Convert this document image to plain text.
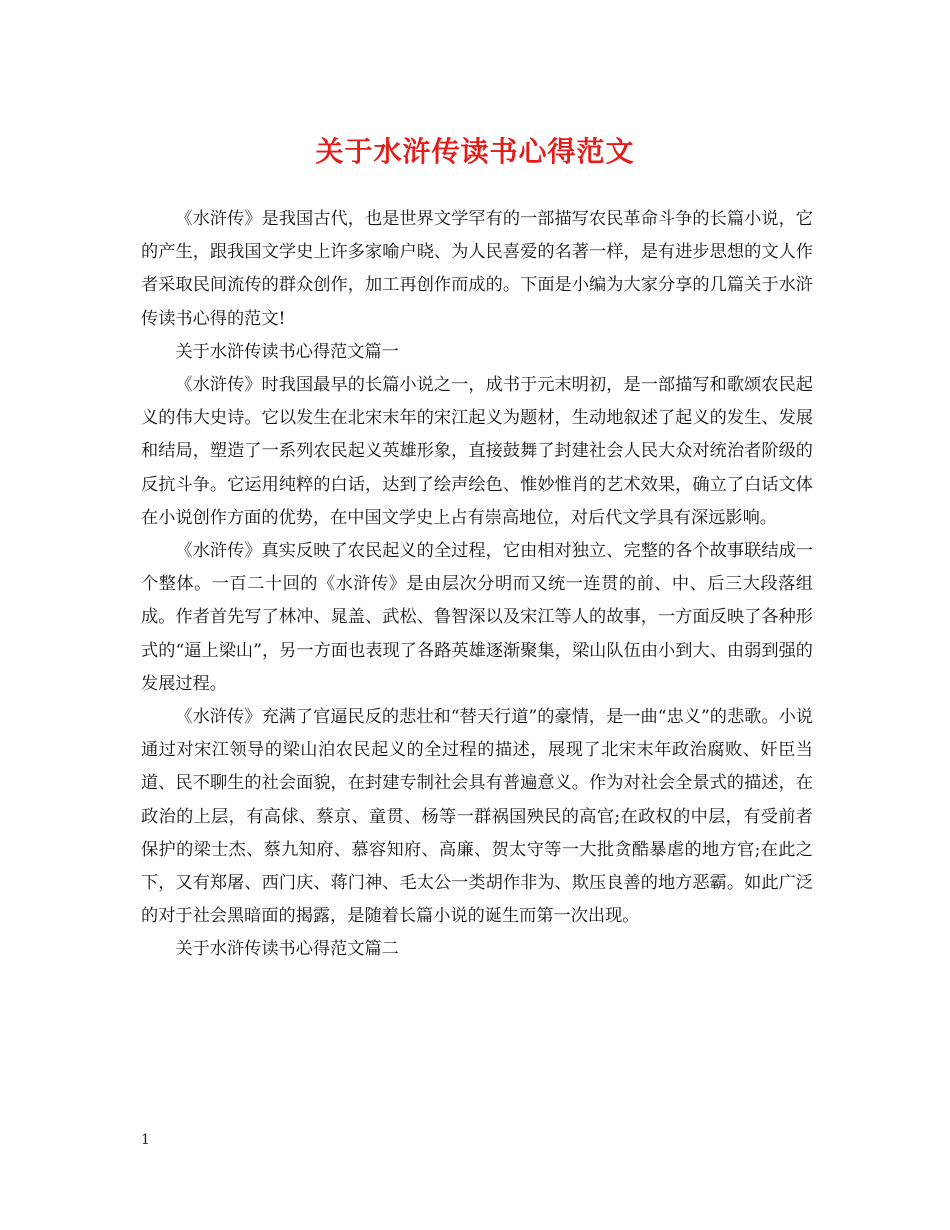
关于水浒传读书心得范文

《水浒传》是我国古代，也是世界文学罕有的一部描写农民革命斗争的长篇小说，它的产生，跟我国文学史上许多家喻户晓、为人民喜爱的名著一样，是有进步思想的文人作者采取民间流传的群众创作，加工再创作而成的。下面是小编为大家分享的几篇关于水浒传读书心得的范文!

关于水浒传读书心得范文篇一

《水浒传》时我国最早的长篇小说之一，成书于元末明初，是一部描写和歌颂农民起义的伟大史诗。它以发生在北宋末年的宋江起义为题材，生动地叙述了起义的发生、发展和结局，塑造了一系列农民起义英雄形象，直接鼓舞了封建社会人民大众对统治者阶级的反抗斗争。它运用纯粹的白话，达到了绘声绘色、惟妙惟肖的艺术效果，确立了白话文体在小说创作方面的优势，在中国文学史上占有崇高地位，对后代文学具有深远影响。

《水浒传》真实反映了农民起义的全过程，它由相对独立、完整的各个故事联结成一个整体。一百二十回的《水浒传》是由层次分明而又统一连贯的前、中、后三大段落组成。作者首先写了林冲、晁盖、武松、鲁智深以及宋江等人的故事，一方面反映了各种形式的“逼上梁山”，另一方面也表现了各路英雄逐渐聚集，梁山队伍由小到大、由弱到强的发展过程。

《水浒传》充满了官逼民反的悲壮和“替天行道”的豪情，是一曲“忠义”的悲歌。小说通过对宋江领导的梁山泊农民起义的全过程的描述，展现了北宋末年政治腐败、奸臣当道、民不聊生的社会面貌，在封建专制社会具有普遍意义。作为对社会全景式的描述，在政治的上层，有高俅、蔡京、童贯、杨等一群祸国殃民的高官;在政权的中层，有受前者保护的梁士杰、蔡九知府、慕容知府、高廉、贺太守等一大批贪酷暴虐的地方官;在此之下，又有郑屠、西门庆、蒋门神、毛太公一类胡作非为、欺压良善的地方恶霸。如此广泛的对于社会黑暗面的揭露，是随着长篇小说的诞生而第一次出现。

关于水浒传读书心得范文篇二

1
